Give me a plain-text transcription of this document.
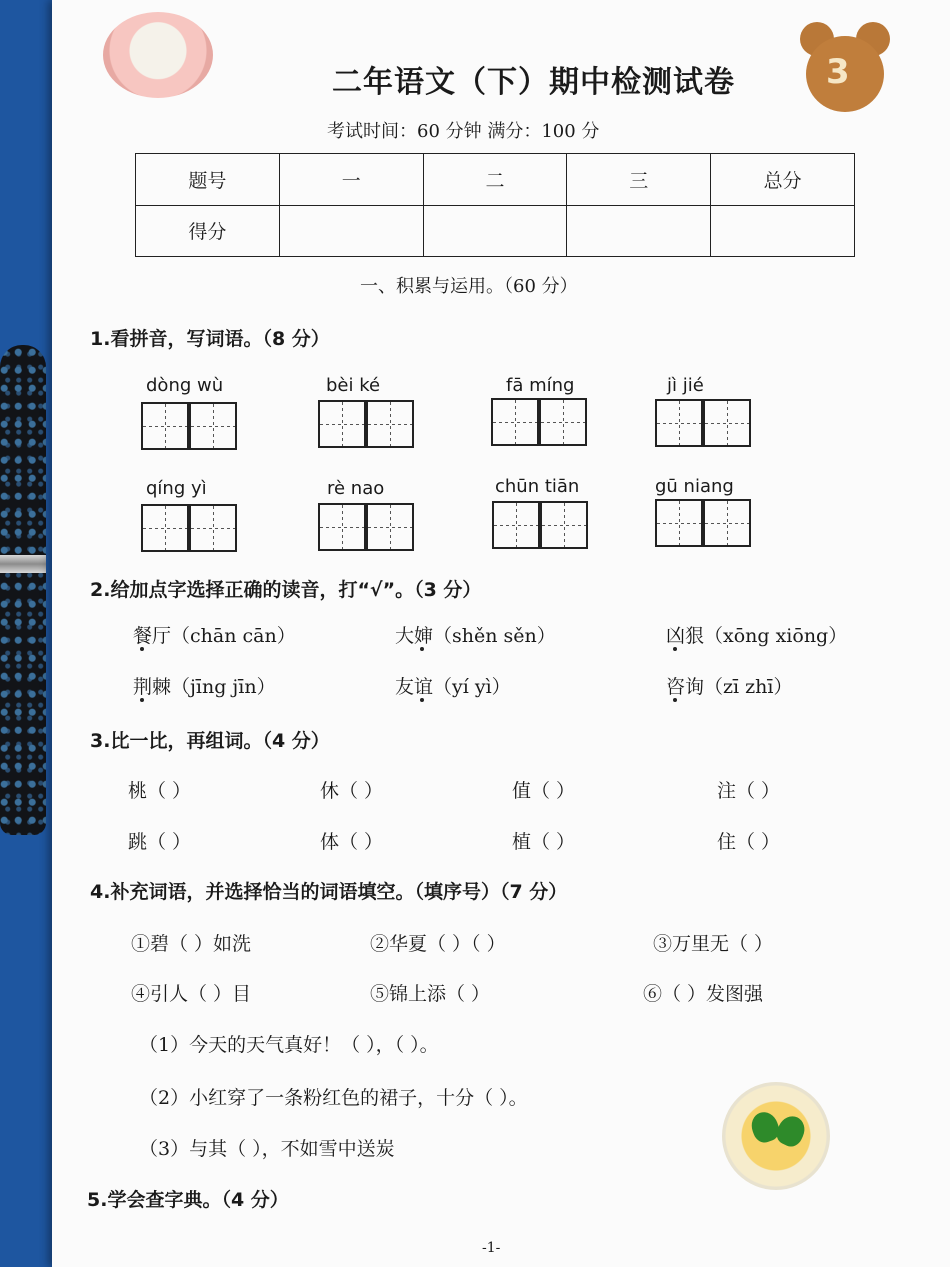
3
二年语文（下）期中检测试卷
考试时间：60 分钟 满分：100 分
题号	一	二	三	总分
得分				
一、积累与运用。（60 分）
1.看拼音，写词语。（8 分）
dòng wù	bèi ké	fā míng	jì jié
qíng yì	rè nao	chūn tiān	gū niang
2.给加点字选择正确的读音，打“√”。（3 分）
餐厅（chān cān）	大婶（shěn sěn）	凶狠（xōng xiōng）
荆棘（jīng jīn）	友谊（yí yì）	咨询（zī zhī）
3.比一比，再组词。（4 分）
桃（ ）	休（ ）	值（ ）	注（ ）
跳（ ）	体（ ）	植（ ）	住（ ）
4.补充词语，并选择恰当的词语填空。（填序号）（7 分）
①碧（ ）如洗	②华夏（ ）（ ）	③万里无（ ）
④引人（ ）目	⑤锦上添（ ）	⑥（ ）发图强
（1）今天的天气真好！（ ），（ ）。
（2）小红穿了一条粉红色的裙子，十分（ ）。
（3）与其（ ），不如雪中送炭
5.学会查字典。（4 分）
-1-
